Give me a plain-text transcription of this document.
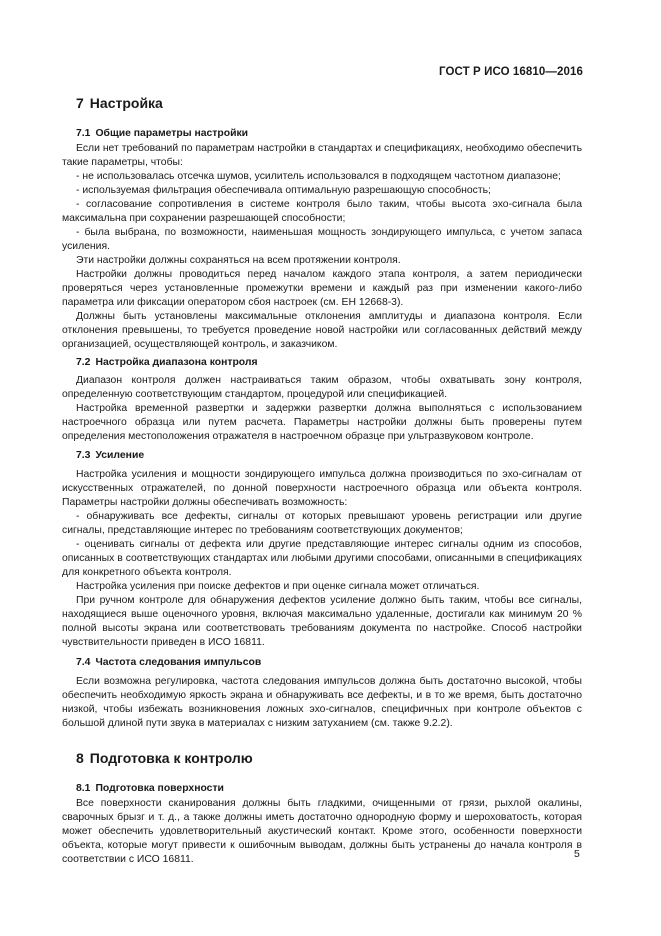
ГОСТ Р ИСО 16810—2016
7 Настройка
7.1 Общие параметры настройки

Если нет требований по параметрам настройки в стандартах и спецификациях, необходимо обеспечить такие параметры, чтобы:

- не использовалась отсечка шумов, усилитель использовался в подходящем частотном диапазоне;

- используемая фильтрация обеспечивала оптимальную разрешающую способность;

- согласование сопротивления в системе контроля было таким, чтобы высота эхо-сигнала была максимальна при сохранении разрешающей способности;

- была выбрана, по возможности, наименьшая мощность зондирующего импульса, с учетом запаса усиления.

Эти настройки должны сохраняться на всем протяжении контроля.

Настройки должны проводиться перед началом каждого этапа контроля, а затем периодически проверяться через установленные промежутки времени и каждый раз при изменении какого-либо параметра или фиксации оператором сбоя настроек (см. ЕН 12668-3).

Должны быть установлены максимальные отклонения амплитуды и диапазона контроля. Если отклонения превышены, то требуется проведение новой настройки или согласованных действий между организацией, осуществляющей контроль, и заказчиком.

7.2 Настройка диапазона контроля

Диапазон контроля должен настраиваться таким образом, чтобы охватывать зону контроля, определенную соответствующим стандартом, процедурой или спецификацией.

Настройка временной развертки и задержки развертки должна выполняться с использованием настроечного образца или путем расчета. Параметры настройки должны быть проверены путем определения местоположения отражателя в настроечном образце при ультразвуковом контроле.

7.3 Усиление

Настройка усиления и мощности зондирующего импульса должна производиться по эхо-сигналам от искусственных отражателей, по донной поверхности настроечного образца или объекта контроля. Параметры настройки должны обеспечивать возможность:

- обнаруживать все дефекты, сигналы от которых превышают уровень регистрации или другие сигналы, представляющие интерес по требованиям соответствующих документов;

- оценивать сигналы от дефекта или другие представляющие интерес сигналы одним из способов, описанных в соответствующих стандартах или любыми другими способами, описанными в спецификациях для конкретного объекта контроля.

Настройка усиления при поиске дефектов и при оценке сигнала может отличаться.

При ручном контроле для обнаружения дефектов усиление должно быть таким, чтобы все сигналы, находящиеся выше оценочного уровня, включая максимально удаленные, достигали как минимум 20 % полной высоты экрана или соответствовать требованиям документа по настройке. Способ настройки чувствительности приведен в ИСО 16811.

7.4 Частота следования импульсов

Если возможна регулировка, частота следования импульсов должна быть достаточно высокой, чтобы обеспечить необходимую яркость экрана и обнаруживать все дефекты, и в то же время, быть достаточно низкой, чтобы избежать возникновения ложных эхо-сигналов, специфичных при контроле объектов с большой длиной пути звука в материалах с низким затуханием (см. также 9.2.2).

8 Подготовка к контролю
8.1 Подготовка поверхности

Все поверхности сканирования должны быть гладкими, очищенными от грязи, рыхлой окалины, сварочных брызг и т. д., а также должны иметь достаточно однородную форму и шероховатость, которая может обеспечить удовлетворительный акустический контакт. Кроме этого, особенности поверхности объекта, которые могут привести к ошибочным выводам, должны быть устранены до начала контроля в соответствии с ИСО 16811.	5
